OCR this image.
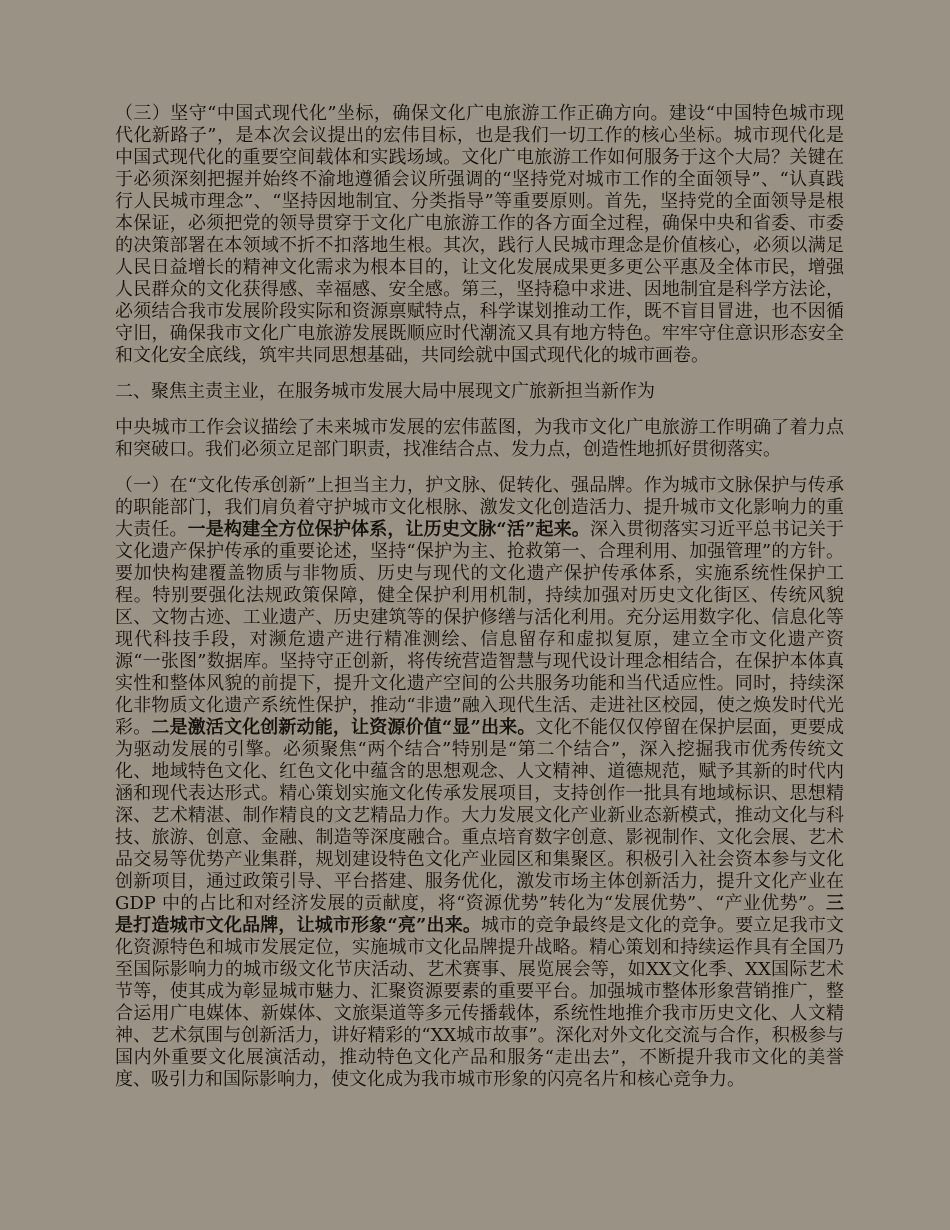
（三）坚守“中国式现代化”坐标，确保文化广电旅游工作正确方向。建设“中国特色城市现代化新路子”，是本次会议提出的宏伟目标，也是我们一切工作的核心坐标。城市现代化是中国式现代化的重要空间载体和实践场域。文化广电旅游工作如何服务于这个大局？关键在于必须深刻把握并始终不渝地遵循会议所强调的“坚持党对城市工作的全面领导”、“认真践行人民城市理念”、“坚持因地制宜、分类指导”等重要原则。首先，坚持党的全面领导是根本保证，必须把党的领导贯穿于文化广电旅游工作的各方面全过程，确保中央和省委、市委的决策部署在本领域不折不扣落地生根。其次，践行人民城市理念是价值核心，必须以满足人民日益增长的精神文化需求为根本目的，让文化发展成果更多更公平惠及全体市民，增强人民群众的文化获得感、幸福感、安全感。第三，坚持稳中求进、因地制宜是科学方法论，必须结合我市发展阶段实际和资源禀赋特点，科学谋划推动工作，既不盲目冒进，也不因循守旧，确保我市文化广电旅游发展既顺应时代潮流又具有地方特色。牢牢守住意识形态安全和文化安全底线，筑牢共同思想基础，共同绘就中国式现代化的城市画卷。

二、聚焦主责主业，在服务城市发展大局中展现文广旅新担当新作为

中央城市工作会议描绘了未来城市发展的宏伟蓝图，为我市文化广电旅游工作明确了着力点和突破口。我们必须立足部门职责，找准结合点、发力点，创造性地抓好贯彻落实。

（一）在“文化传承创新”上担当主力，护文脉、促转化、强品牌。作为城市文脉保护与传承的职能部门，我们肩负着守护城市文化根脉、激发文化创造活力、提升城市文化影响力的重大责任。一是构建全方位保护体系，让历史文脉“活”起来。深入贯彻落实习近平总书记关于文化遗产保护传承的重要论述，坚持“保护为主、抢救第一、合理利用、加强管理”的方针。要加快构建覆盖物质与非物质、历史与现代的文化遗产保护传承体系，实施系统性保护工程。特别要强化法规政策保障，健全保护利用机制，持续加强对历史文化街区、传统风貌区、文物古迹、工业遗产、历史建筑等的保护修缮与活化利用。充分运用数字化、信息化等现代科技手段，对濒危遗产进行精准测绘、信息留存和虚拟复原，建立全市文化遗产资源“一张图”数据库。坚持守正创新，将传统营造智慧与现代设计理念相结合，在保护本体真实性和整体风貌的前提下，提升文化遗产空间的公共服务功能和当代适应性。同时，持续深化非物质文化遗产系统性保护，推动“非遗”融入现代生活、走进社区校园，使之焕发时代光彩。二是激活文化创新动能，让资源价值“显”出来。文化不能仅仅停留在保护层面，更要成为驱动发展的引擎。必须聚焦“两个结合”特别是“第二个结合”，深入挖掘我市优秀传统文化、地域特色文化、红色文化中蕴含的思想观念、人文精神、道德规范，赋予其新的时代内涵和现代表达形式。精心策划实施文化传承发展项目，支持创作一批具有地域标识、思想精深、艺术精湛、制作精良的文艺精品力作。大力发展文化产业新业态新模式，推动文化与科技、旅游、创意、金融、制造等深度融合。重点培育数字创意、影视制作、文化会展、艺术品交易等优势产业集群，规划建设特色文化产业园区和集聚区。积极引入社会资本参与文化创新项目，通过政策引导、平台搭建、服务优化，激发市场主体创新活力，提升文化产业在 GDP 中的占比和对经济发展的贡献度，将“资源优势”转化为“发展优势”、“产业优势”。三是打造城市文化品牌，让城市形象“亮”出来。城市的竞争最终是文化的竞争。要立足我市文化资源特色和城市发展定位，实施城市文化品牌提升战略。精心策划和持续运作具有全国乃至国际影响力的城市级文化节庆活动、艺术赛事、展览展会等，如XX文化季、XX国际艺术节等，使其成为彰显城市魅力、汇聚资源要素的重要平台。加强城市整体形象营销推广，整合运用广电媒体、新媒体、文旅渠道等多元传播载体，系统性地推介我市历史文化、人文精神、艺术氛围与创新活力，讲好精彩的“XX城市故事”。深化对外文化交流与合作，积极参与国内外重要文化展演活动，推动特色文化产品和服务“走出去”，不断提升我市文化的美誉度、吸引力和国际影响力，使文化成为我市城市形象的闪亮名片和核心竞争力。
